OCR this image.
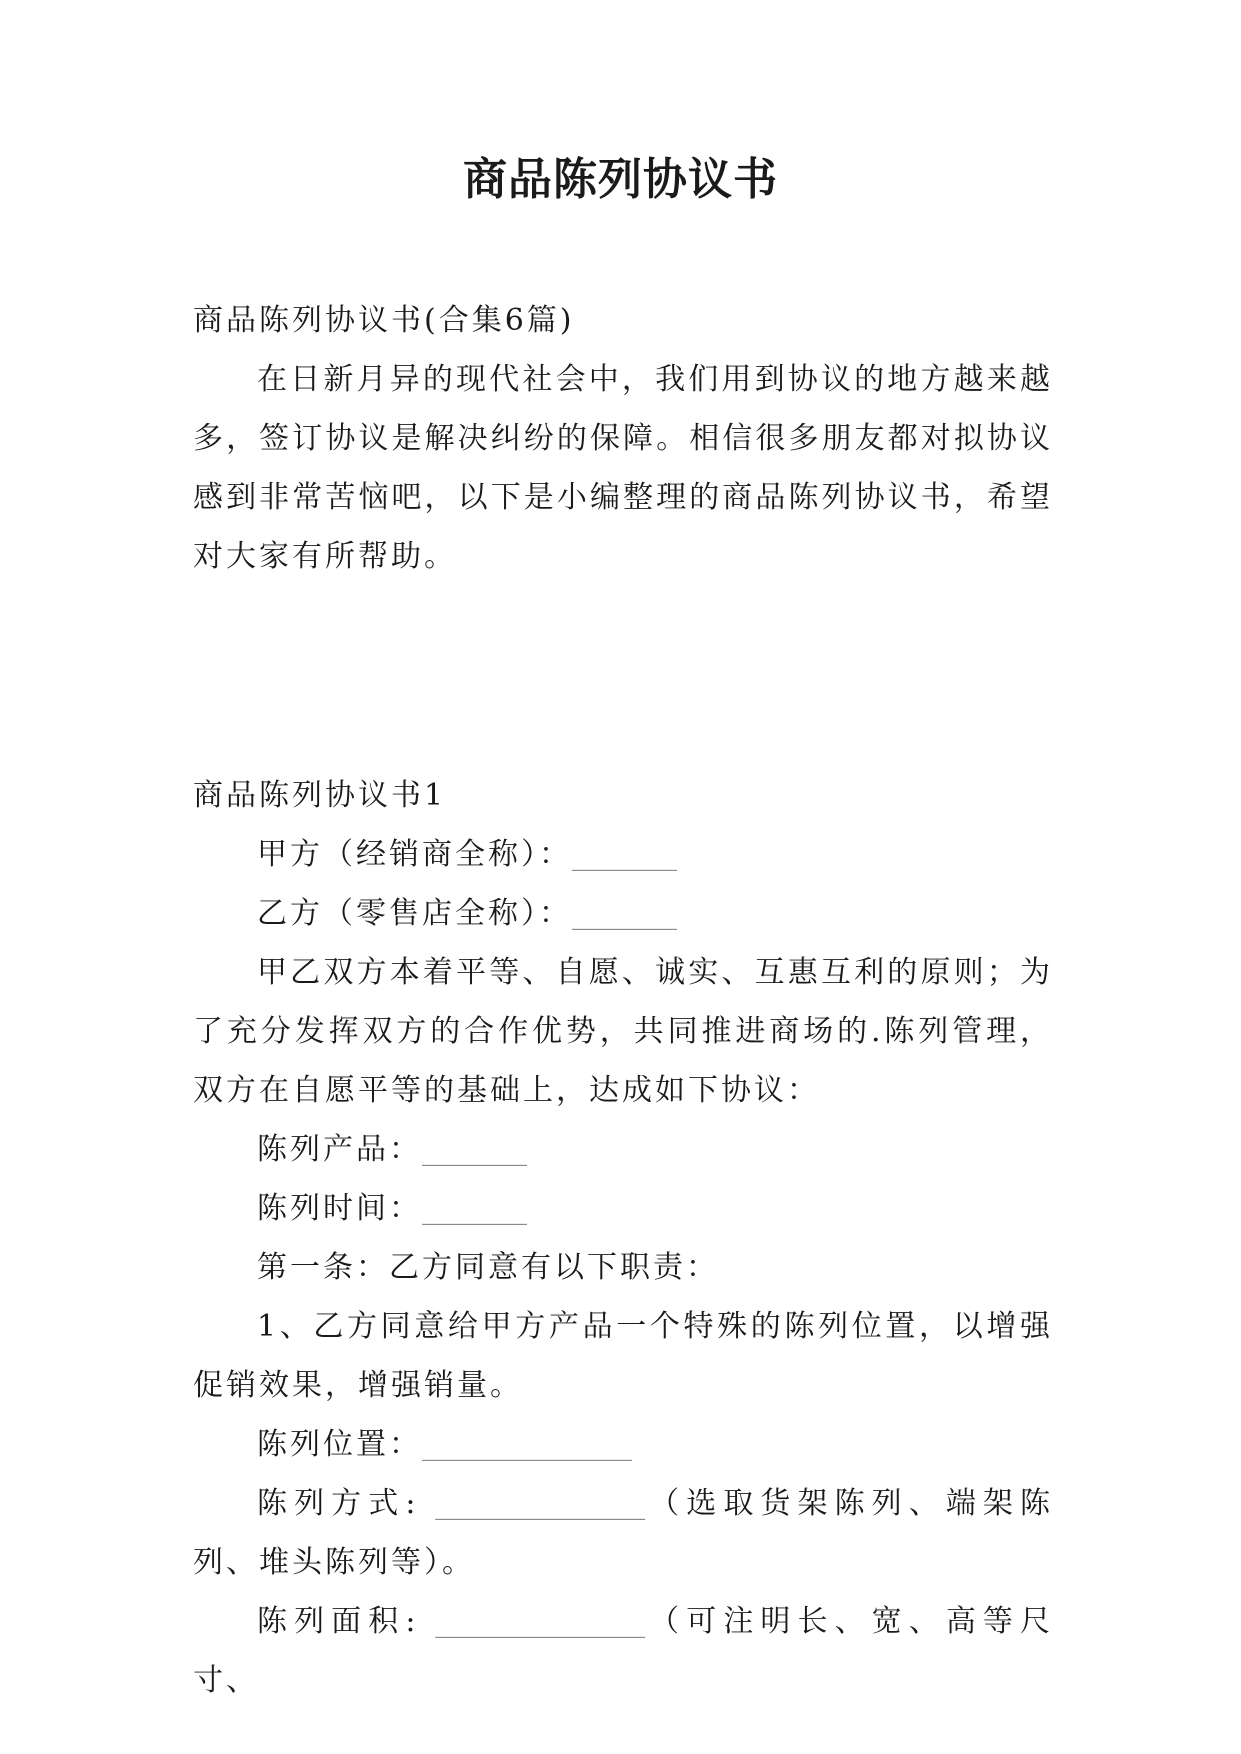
商品陈列协议书

商品陈列协议书(合集6篇)

在日新月异的现代社会中，我们用到协议的地方越来越多，签订协议是解决纠纷的保障。相信很多朋友都对拟协议感到非常苦恼吧，以下是小编整理的商品陈列协议书，希望对大家有所帮助。

商品陈列协议书1

甲方（经销商全称）：_______

乙方（零售店全称）：_______

甲乙双方本着平等、自愿、诚实、互惠互利的原则；为了充分发挥双方的合作优势，共同推进商场的.陈列管理，双方在自愿平等的基础上，达成如下协议：

陈列产品：_______

陈列时间：_______

第一条：乙方同意有以下职责：

1、乙方同意给甲方产品一个特殊的陈列位置，以增强促销效果，增强销量。

陈列位置：______________

陈列方式: ______________（选取货架陈列、端架陈列、堆头陈列等）。

陈列面积: ______________（可注明长、宽、高等尺寸、
